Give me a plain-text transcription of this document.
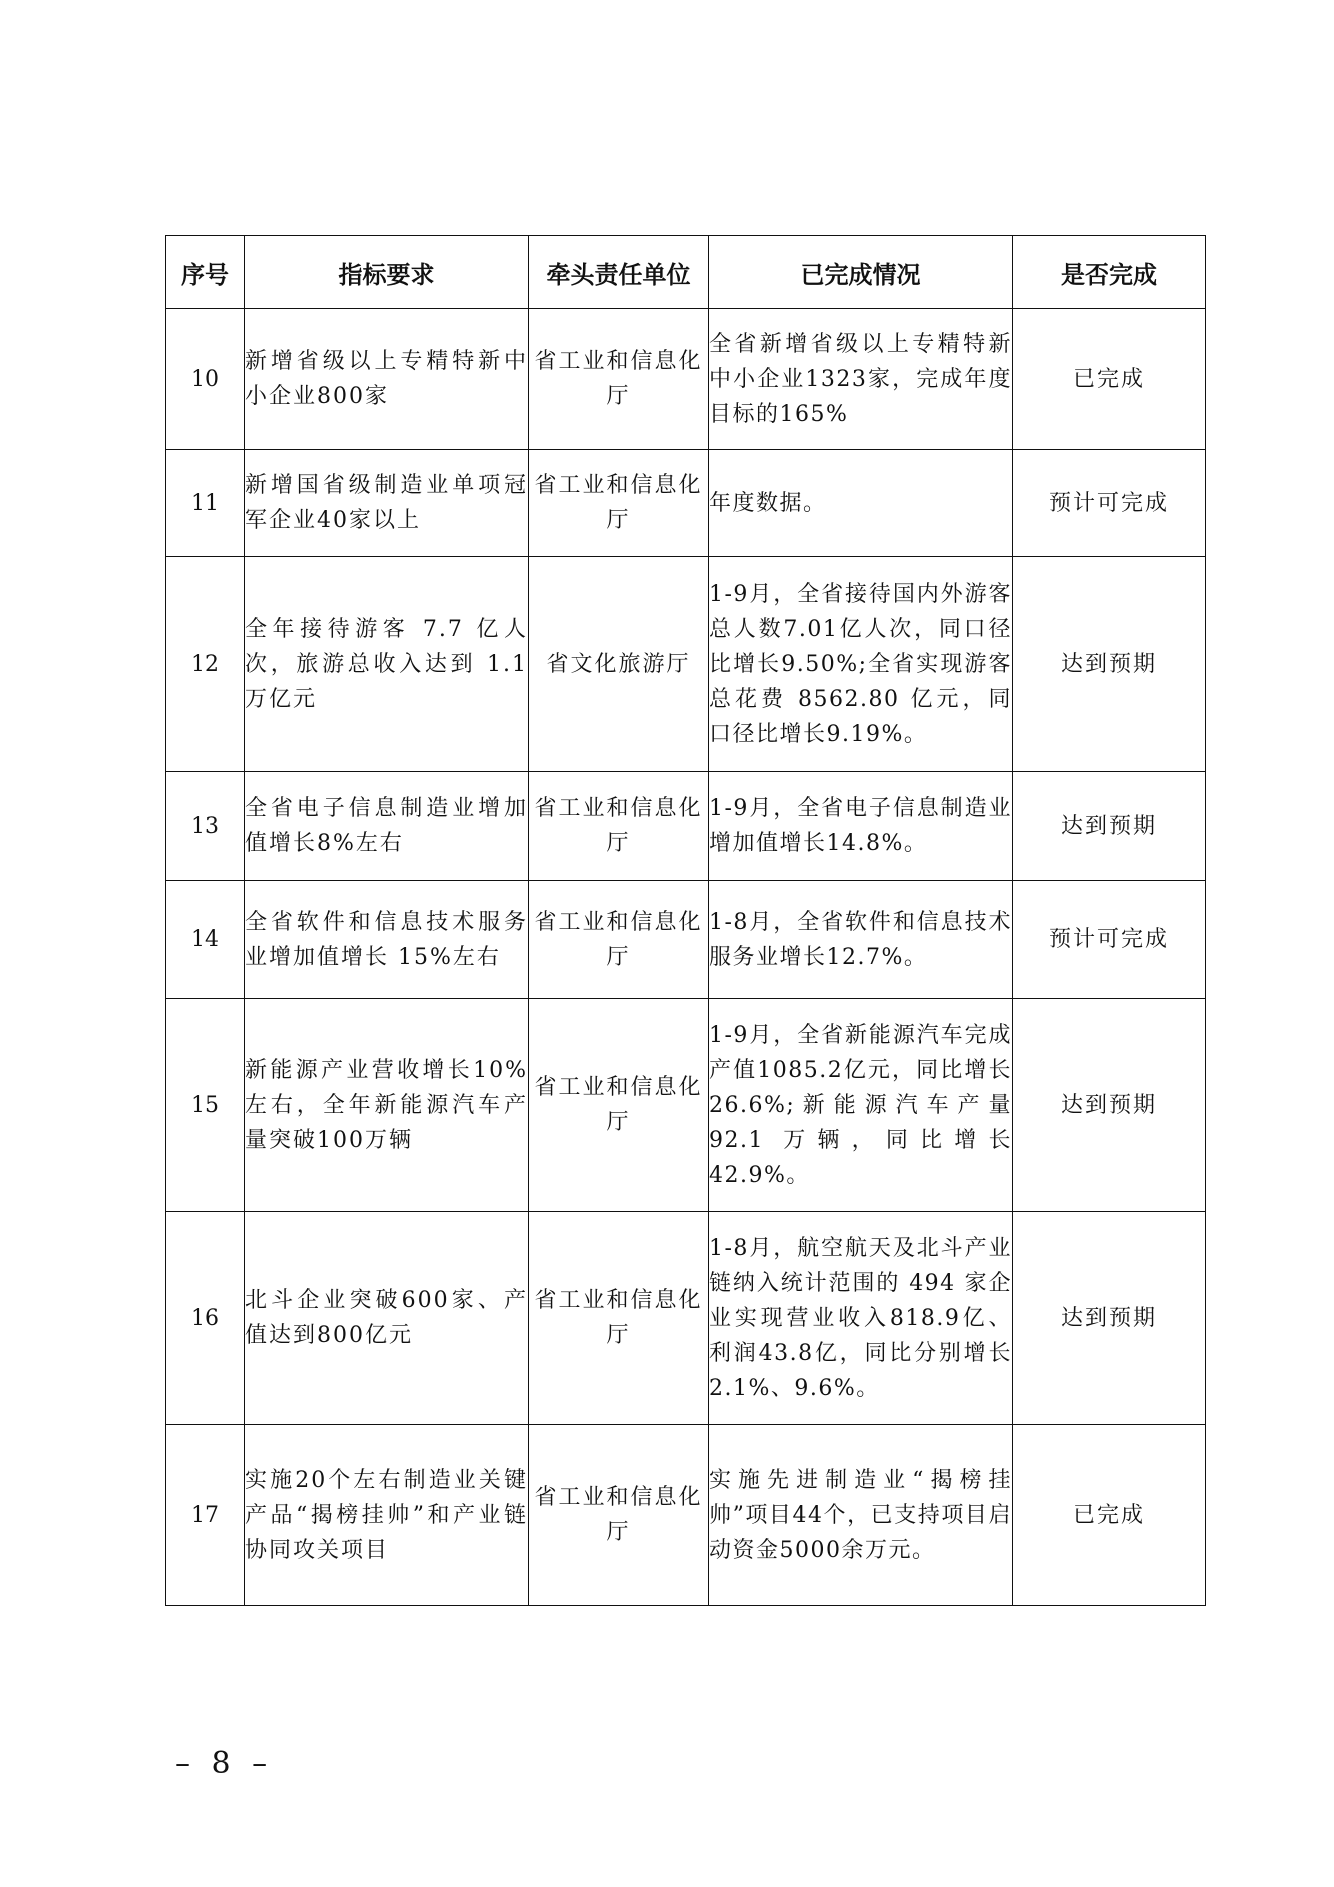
序号	指标要求	牵头责任单位	已完成情况	是否完成
10	新增省级以上专精特新中小企业800家	省工业和信息化厅	全省新增省级以上专精特新中小企业1323家，完成年度目标的165%	已完成
11	新增国省级制造业单项冠军企业40家以上	省工业和信息化厅	年度数据。	预计可完成
12	全年接待游客 7.7 亿人次，旅游总收入达到 1.1 万亿元	省文化旅游厅	1-9月，全省接待国内外游客总人数7.01亿人次，同口径比增长9.50%;全省实现游客总花费 8562.80 亿元，同口径比增长9.19%。	达到预期
13	全省电子信息制造业增加值增长8%左右	省工业和信息化厅	1-9月，全省电子信息制造业增加值增长14.8%。	达到预期
14	全省软件和信息技术服务业增加值增长 15%左右	省工业和信息化厅	1-8月，全省软件和信息技术服务业增长12.7%。	预计可完成
15	新能源产业营收增长10%左右，全年新能源汽车产量突破100万辆	省工业和信息化厅	1-9月，全省新能源汽车完成产值1085.2亿元，同比增长26.6%;新能源汽车产量 92.1 万辆，同比增长42.9%。	达到预期
16	北斗企业突破600家、产值达到800亿元	省工业和信息化厅	1-8月，航空航天及北斗产业链纳入统计范围的 494 家企业实现营业收入818.9亿、利润43.8亿，同比分别增长2.1%、9.6%。	达到预期
17	实施20个左右制造业关键产品“揭榜挂帅”和产业链协同攻关项目	省工业和信息化厅	实施先进制造业“揭榜挂帅”项目44个，已支持项目启动资金5000余万元。	已完成
– 8 –
